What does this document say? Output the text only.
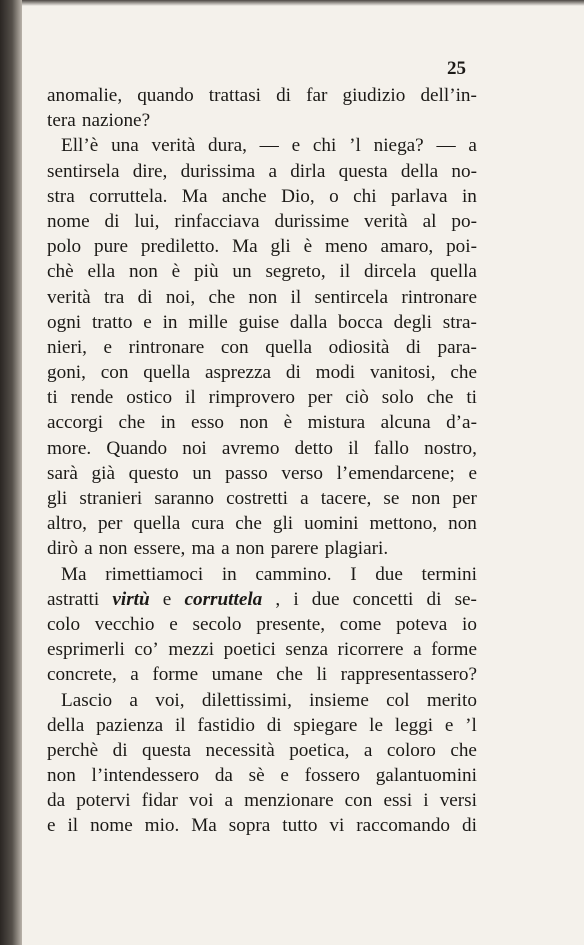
25
anomalie, quando trattasi di far giudizio dell’in-
tera nazione?
Ell’è una verità dura, — e chi ’l niega? — a
sentirsela dire, durissima a dirla questa della no-
stra corruttela. Ma anche Dio, o chi parlava in
nome di lui, rinfacciava durissime verità al po-
polo pure prediletto. Ma gli è meno amaro, poi-
chè ella non è più un segreto, il dircela quella
verità tra di noi, che non il sentircela rintronare
ogni tratto e in mille guise dalla bocca degli stra-
nieri, e rintronare con quella odiosità di para-
goni, con quella asprezza di modi vanitosi, che
ti rende ostico il rimprovero per ciò solo che ti
accorgi che in esso non è mistura alcuna d’a-
more. Quando noi avremo detto il fallo nostro,
sarà già questo un passo verso l’emendarcene; e
gli stranieri saranno costretti a tacere, se non per
altro, per quella cura che gli uomini mettono, non
dirò a non essere, ma a non parere plagiari.
Ma rimettiamoci in cammino. I due termini
astratti virtù e corruttela , i due concetti di se-
colo vecchio e secolo presente, come poteva io
esprimerli co’ mezzi poetici senza ricorrere a forme
concrete, a forme umane che li rappresentassero?
Lascio a voi, dilettissimi, insieme col merito
della pazienza il fastidio di spiegare le leggi e ’l
perchè di questa necessità poetica, a coloro che
non l’intendessero da sè e fossero galantuomini
da potervi fidar voi a menzionare con essi i versi
e il nome mio. Ma sopra tutto vi raccomando di
